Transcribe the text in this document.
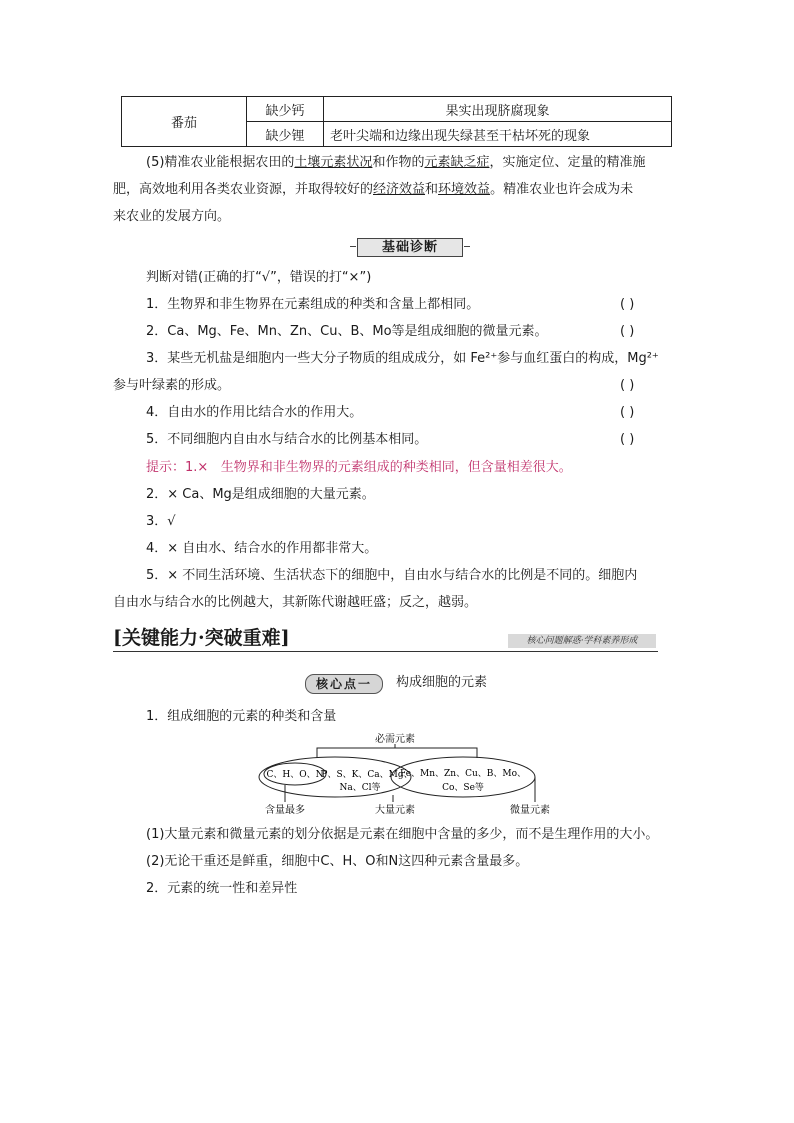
番茄	缺少钙	果实出现脐腐现象
	缺少锂	老叶尖端和边缘出现失绿甚至干枯坏死的现象
(5)精准农业能根据农田的土壤元素状况和作物的元素缺乏症，实施定位、定量的精准施
肥，高效地利用各类农业资源，并取得较好的经济效益和环境效益。精准农业也许会成为未
来农业的发展方向。
基础诊断
判断对错(正确的打“√”，错误的打“×”)
1．生物界和非生物界在元素组成的种类和含量上都相同。	( )
2．Ca、Mg、Fe、Mn、Zn、Cu、B、Mo等是组成细胞的微量元素。	( )
3．某些无机盐是细胞内一些大分子物质的组成成分，如 Fe²⁺参与血红蛋白的构成，Mg²⁺
参与叶绿素的形成。	( )
4．自由水的作用比结合水的作用大。	( )
5．不同细胞内自由水与结合水的比例基本相同。	( )
提示：1.× 生物界和非生物界的元素组成的种类相同，但含量相差很大。
2．× Ca、Mg是组成细胞的大量元素。
3．√
4．× 自由水、结合水的作用都非常大。
5．× 不同生活环境、生活状态下的细胞中，自由水与结合水的比例是不同的。细胞内
自由水与结合水的比例越大，其新陈代谢越旺盛；反之，越弱。
[关键能力·突破重难]	核心问题解惑·学科素养形成
核心点一	构成细胞的元素
1．组成细胞的元素的种类和含量
必需元素
C、H、O、N
P、S、K、Ca、Mg、
Na、Cl等
Fe、Mn、Zn、Cu、B、Mo、
Co、Se等
含量最多	大量元素	微量元素
(1)大量元素和微量元素的划分依据是元素在细胞中含量的多少，而不是生理作用的大小。
(2)无论干重还是鲜重，细胞中C、H、O和N这四种元素含量最多。
2．元素的统一性和差异性
